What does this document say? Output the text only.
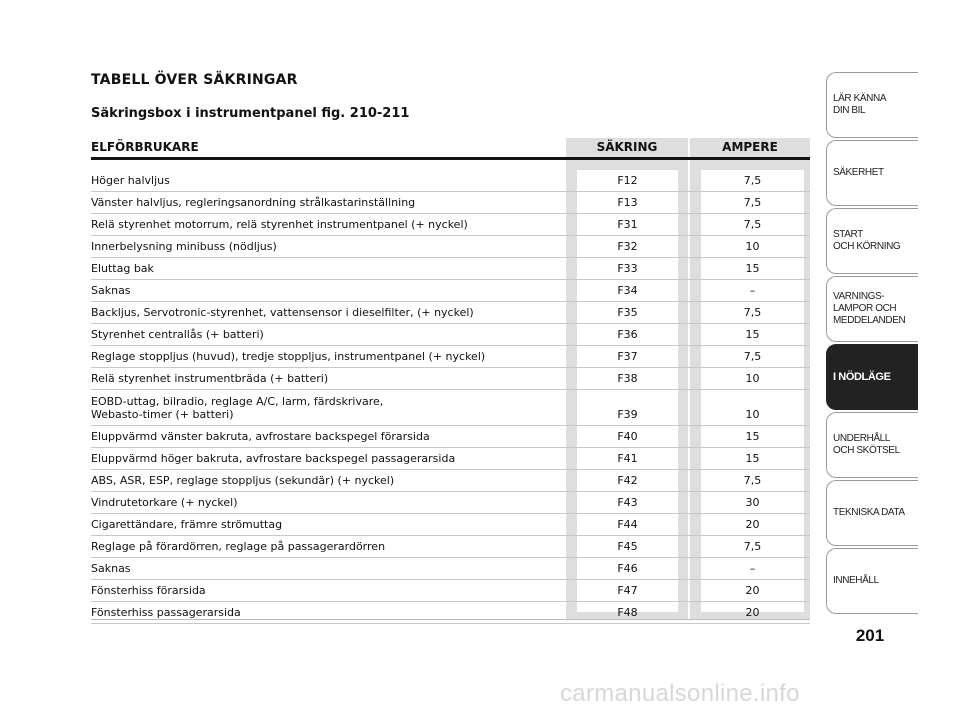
TABELL ÖVER SÄKRINGAR
Säkringsbox i instrumentpanel fig. 210-211
ELFÖRBRUKARE	SÄKRING	AMPERE
Höger halvljus	F12	7,5
Vänster halvljus, regleringsanordning strålkastarinställning	F13	7,5
Relä styrenhet motorrum, relä styrenhet instrumentpanel (+ nyckel)	F31	7,5
Innerbelysning minibuss (nödljus)	F32	10
Eluttag bak	F33	15
Saknas	F34	–
Backljus, Servotronic-styrenhet, vattensensor i dieselfilter, (+ nyckel)	F35	7,5
Styrenhet centrallås (+ batteri)	F36	15
Reglage stoppljus (huvud), tredje stoppljus, instrumentpanel (+ nyckel)	F37	7,5
Relä styrenhet instrumentbräda (+ batteri)	F38	10
EOBD-uttag, bilradio, reglage A/C, larm, färdskrivare,
Webasto-timer (+ batteri)	F39	10
Eluppvärmd vänster bakruta, avfrostare backspegel förarsida	F40	15
Eluppvärmd höger bakruta, avfrostare backspegel passagerarsida	F41	15
ABS, ASR, ESP, reglage stoppljus (sekundär) (+ nyckel)	F42	7,5
Vindrutetorkare (+ nyckel)	F43	30
Cigarettändare, främre strömuttag	F44	20
Reglage på förardörren, reglage på passagerardörren	F45	7,5
Saknas	F46	–
Fönsterhiss förarsida	F47	20
Fönsterhiss passagerarsida	F48	20
LÄR KÄNNA
DIN BIL
SÄKERHET
START
OCH KÖRNING
VARNINGS-
LAMPOR OCH
MEDDELANDEN
I NÖDLÄGE
UNDERHÅLL
OCH SKÖTSEL
TEKNISKA DATA
INNEHÅLL
201
carmanualsonline.info
